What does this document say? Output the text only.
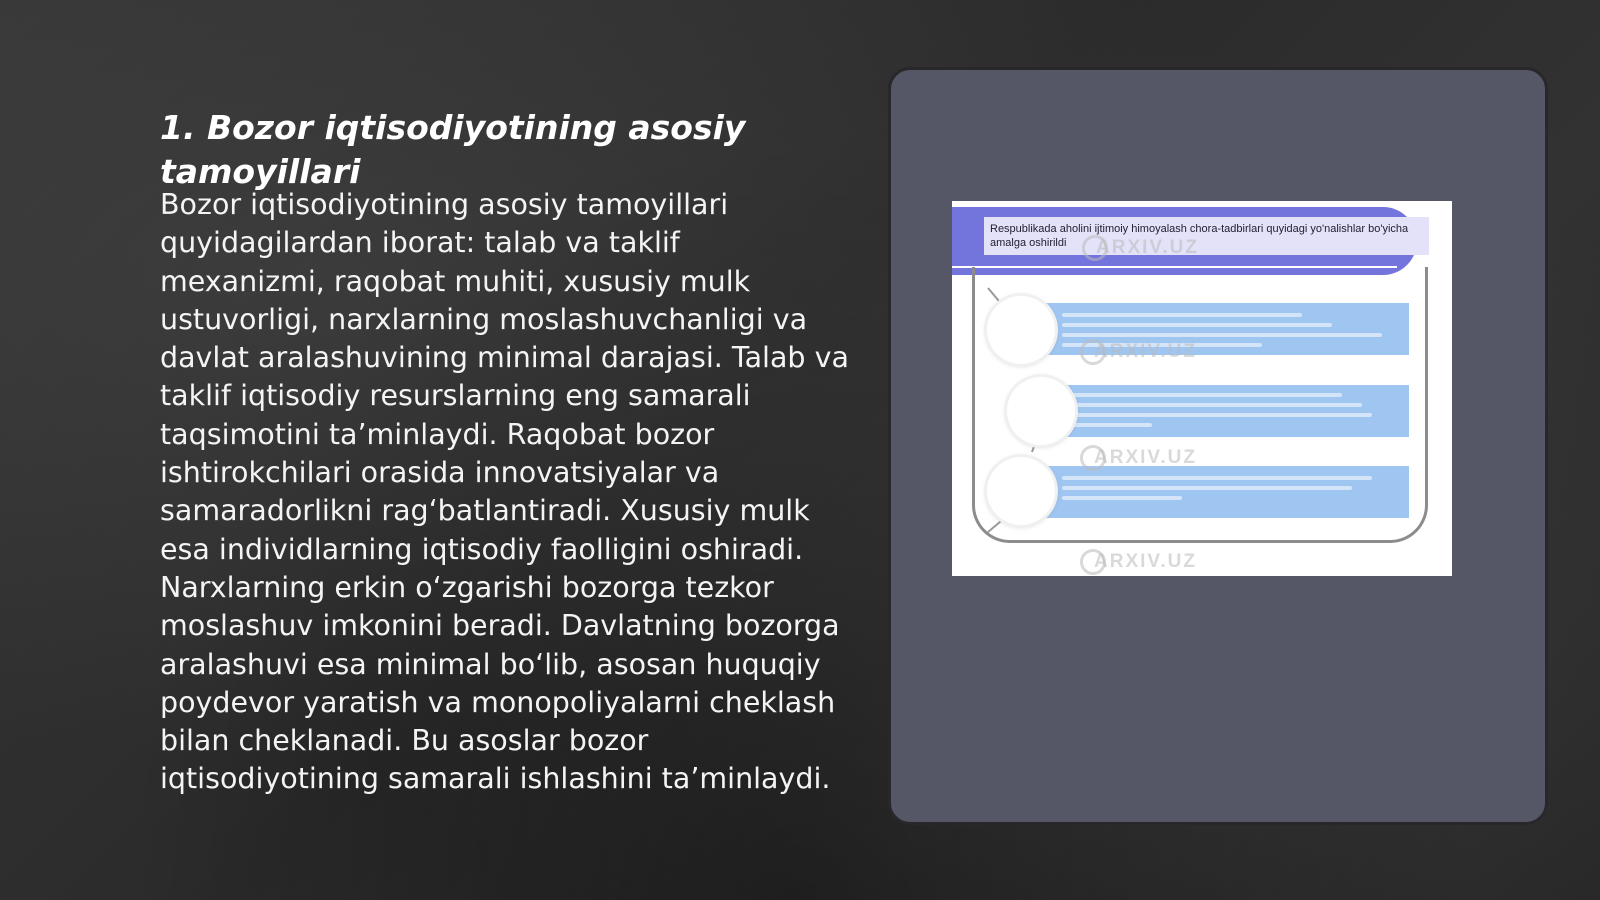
1. Bozor iqtisodiyotining asosiy tamoyillari

Bozor iqtisodiyotining asosiy tamoyillari quyidagilardan iborat: talab va taklif mexanizmi, raqobat muhiti, xususiy mulk ustuvorligi, narxlarning moslashuvchanligi va davlat aralashuvining minimal darajasi. Talab va taklif iqtisodiy resurslarning eng samarali taqsimotini ta’minlaydi. Raqobat bozor ishtirokchilari orasida innovatsiyalar va samaradorlikni rag‘batlantiradi. Xususiy mulk esa individlarning iqtisodiy faolligini oshiradi. Narxlarning erkin o‘zgarishi bozorga tezkor moslashuv imkonini beradi. Davlatning bozorga aralashuvi esa minimal bo‘lib, asosan huquqiy poydevor yaratish va monopoliyalarni cheklash bilan cheklanadi. Bu asoslar bozor iqtisodiyotining samarali ishlashini ta’minlaydi.

Respublikada aholini ijtimoiy himoyalash chora-tadbirlari quyidagi yo'nalishlar bo'yicha amalga oshirildi	ARXIV.UZ
ARXIV.UZ
ARXIV.UZ
ARXIV.UZ
